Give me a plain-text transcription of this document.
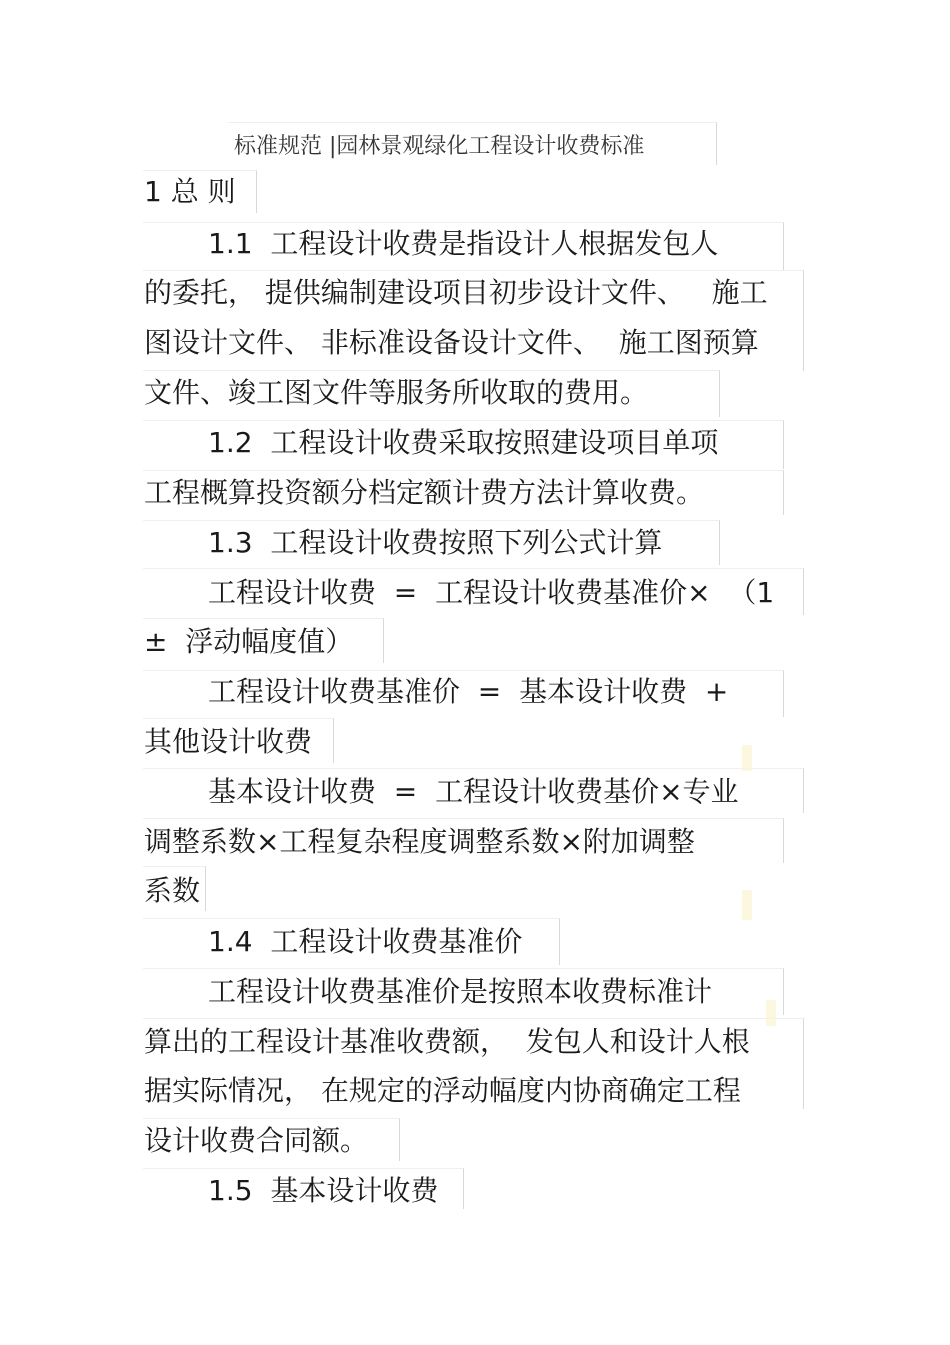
标准规范 |园林景观绿化工程设计收费标准
1 总 则
1.1  工程设计收费是指设计人根据发包人
的委托， 提供编制建设项目初步设计文件、   施工
图设计文件、 非标准设备设计文件、  施工图预算
文件、竣工图文件等服务所收取的费用。
1.2  工程设计收费采取按照建设项目单项
工程概算投资额分档定额计费方法计算收费。
1.3  工程设计收费按照下列公式计算
工程设计收费  =  工程设计收费基准价×  （1
±  浮动幅度值）
工程设计收费基准价  =  基本设计收费  +
其他设计收费
基本设计收费  =  工程设计收费基价×专业
调整系数×工程复杂程度调整系数×附加调整
系数
1.4  工程设计收费基准价
工程设计收费基准价是按照本收费标准计
算出的工程设计基准收费额，  发包人和设计人根
据实际情况， 在规定的浮动幅度内协商确定工程
设计收费合同额。
1.5  基本设计收费
